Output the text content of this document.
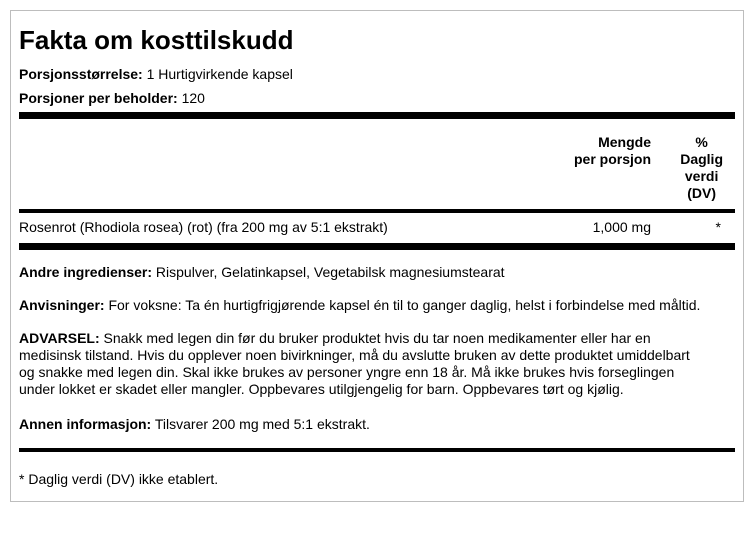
Fakta om kosttilskudd
Porsjonsstørrelse: 1 Hurtigvirkende kapsel
Porsjoner per beholder: 120
Mengde
per porsjon
%
Daglig
verdi
(DV)
Rosenrot (Rhodiola rosea) (rot) (fra 200 mg av 5:1 ekstrakt)	1,000 mg	*
Andre ingredienser: Rispulver, Gelatinkapsel, Vegetabilsk magnesiumstearat
Anvisninger: For voksne: Ta én hurtigfrigjørende kapsel én til to ganger daglig, helst i forbindelse med måltid.
ADVARSEL: Snakk med legen din før du bruker produktet hvis du tar noen medikamenter eller har en
medisinsk tilstand. Hvis du opplever noen bivirkninger, må du avslutte bruken av dette produktet umiddelbart
og snakke med legen din. Skal ikke brukes av personer yngre enn 18 år. Må ikke brukes hvis forseglingen
under lokket er skadet eller mangler. Oppbevares utilgjengelig for barn. Oppbevares tørt og kjølig.
Annen informasjon: Tilsvarer 200 mg med 5:1 ekstrakt.
* Daglig verdi (DV) ikke etablert.
